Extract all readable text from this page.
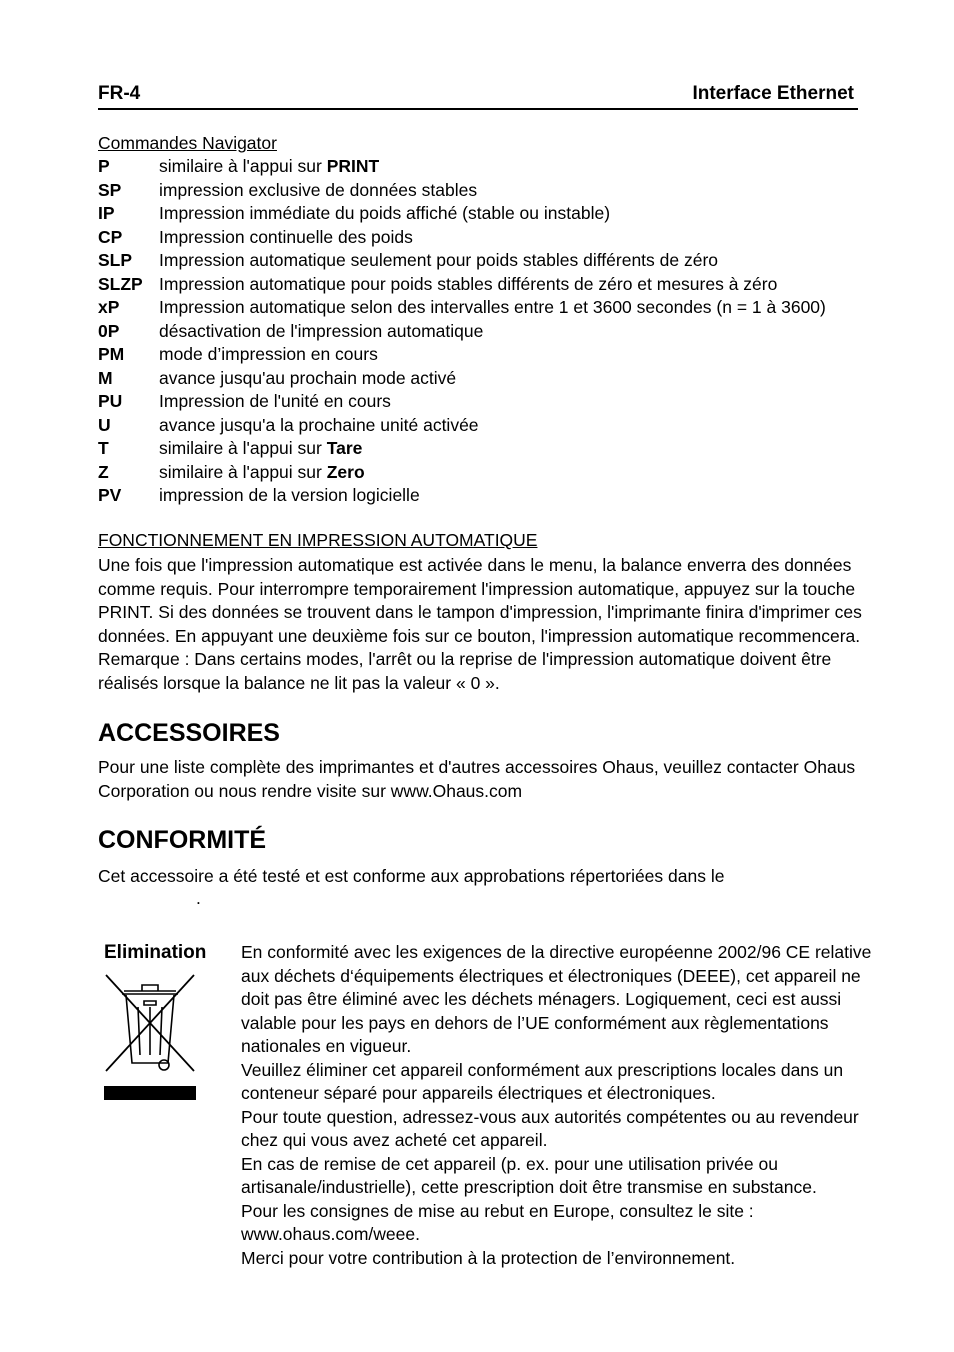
FR-4	Interface Ethernet
Commandes Navigator
P	similaire à l'appui sur PRINT
SP impression exclusive de données stables
IP	Impression immédiate du poids affiché (stable ou instable)
CP Impression continuelle des poids
SLP Impression automatique seulement pour poids stables différents de zéro
SLZP Impression automatique pour poids stables différents de zéro et mesures à zéro
xP Impression automatique selon des intervalles entre 1 et 3600 secondes (n = 1 à 3600)
0P désactivation de l'impression automatique
PM mode d’impression en cours
M	avance jusqu'au prochain mode activé
PU Impression de l'unité en cours
U	avance jusqu'a la prochaine unité activée
T	similaire à l'appui sur Tare
Z	similaire à l'appui sur Zero
PV impression de la version logicielle
FONCTIONNEMENT EN IMPRESSION AUTOMATIQUE
Une fois que l'impression automatique est activée dans le menu, la balance enverra des données
comme requis. Pour interrompre temporairement l'impression automatique, appuyez sur la touche
PRINT. Si des données se trouvent dans le tampon d'impression, l'imprimante finira d'imprimer ces
données. En appuyant une deuxième fois sur ce bouton, l'impression automatique recommencera.
Remarque : Dans certains modes, l'arrêt ou la reprise de l'impression automatique doivent être
réalisés lorsque la balance ne lit pas la valeur « 0 ».
ACCESSOIRES
Pour une liste complète des imprimantes et d'autres accessoires Ohaus, veuillez contacter Ohaus
Corporation ou nous rendre visite sur www.Ohaus.com
CONFORMITÉ
Cet accessoire a été testé et est conforme aux approbations répertoriées dans le
.
Elimination En conformité avec les exigences de la directive européenne 2002/96 CE relative
aux déchets d‘équipements électriques et électroniques (DEEE), cet appareil ne
doit pas être éliminé avec les déchets ménagers. Logiquement, ceci est aussi
valable pour les pays en dehors de l’UE conformément aux règlementations
nationales en vigueur.
Veuillez éliminer cet appareil conformément aux prescriptions locales dans un
conteneur séparé pour appareils électriques et électroniques.
Pour toute question, adressez-vous aux autorités compétentes ou au revendeur
chez qui vous avez acheté cet appareil.
En cas de remise de cet appareil (p. ex. pour une utilisation privée ou
artisanale/industrielle), cette prescription doit être transmise en substance.
Pour les consignes de mise au rebut en Europe, consultez le site :
www.ohaus.com/weee.
Merci pour votre contribution à la protection de l’environnement.
